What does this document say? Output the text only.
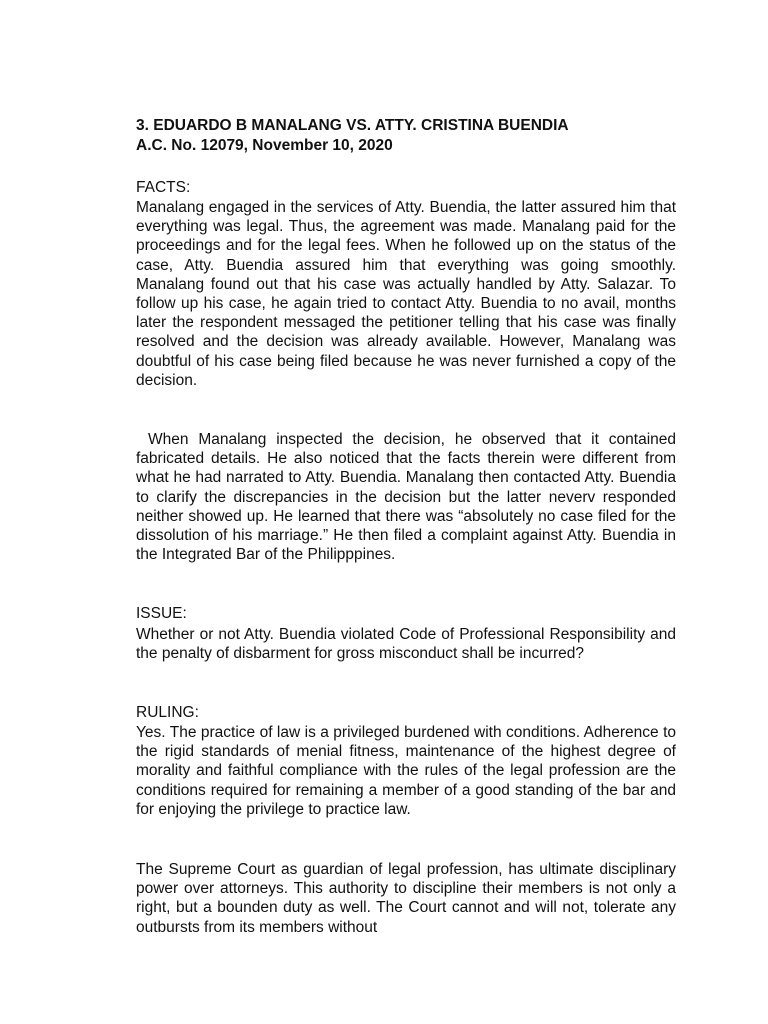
3. EDUARDO B MANALANG VS. ATTY. CRISTINA BUENDIA
A.C. No. 12079, November 10, 2020
FACTS:
Manalang engaged in the services of Atty. Buendia, the latter assured him that everything was legal. Thus, the agreement was made. Manalang paid for the proceedings and for the legal fees. When he followed up on the status of the case, Atty. Buendia assured him that everything was going smoothly. Manalang found out that his case was actually handled by Atty. Salazar. To follow up his case, he again tried to contact Atty. Buendia to no avail, months later the respondent messaged the petitioner telling that his case was finally resolved and the decision was already available. However, Manalang was doubtful of his case being filed because he was never furnished a copy of the decision.
When Manalang inspected the decision, he observed that it contained fabricated details. He also noticed that the facts therein were different from what he had narrated to Atty. Buendia. Manalang then contacted Atty. Buendia to clarify the discrepancies in the decision but the latter neverv responded neither showed up. He learned that there was “absolutely no case filed for the dissolution of his marriage.” He then filed a complaint against Atty. Buendia in the Integrated Bar of the Philipppines.
ISSUE:
Whether or not Atty. Buendia violated Code of Professional Responsibility and the penalty of disbarment for gross misconduct shall be incurred?
RULING:
Yes. The practice of law is a privileged burdened with conditions. Adherence to the rigid standards of menial fitness, maintenance of the highest degree of morality and faithful compliance with the rules of the legal profession are the conditions required for remaining a member of a good standing of the bar and for enjoying the privilege to practice law.
The Supreme Court as guardian of legal profession, has ultimate disciplinary power over attorneys. This authority to discipline their members is not only a right, but a bounden duty as well. The Court cannot and will not, tolerate any outbursts from its members without
